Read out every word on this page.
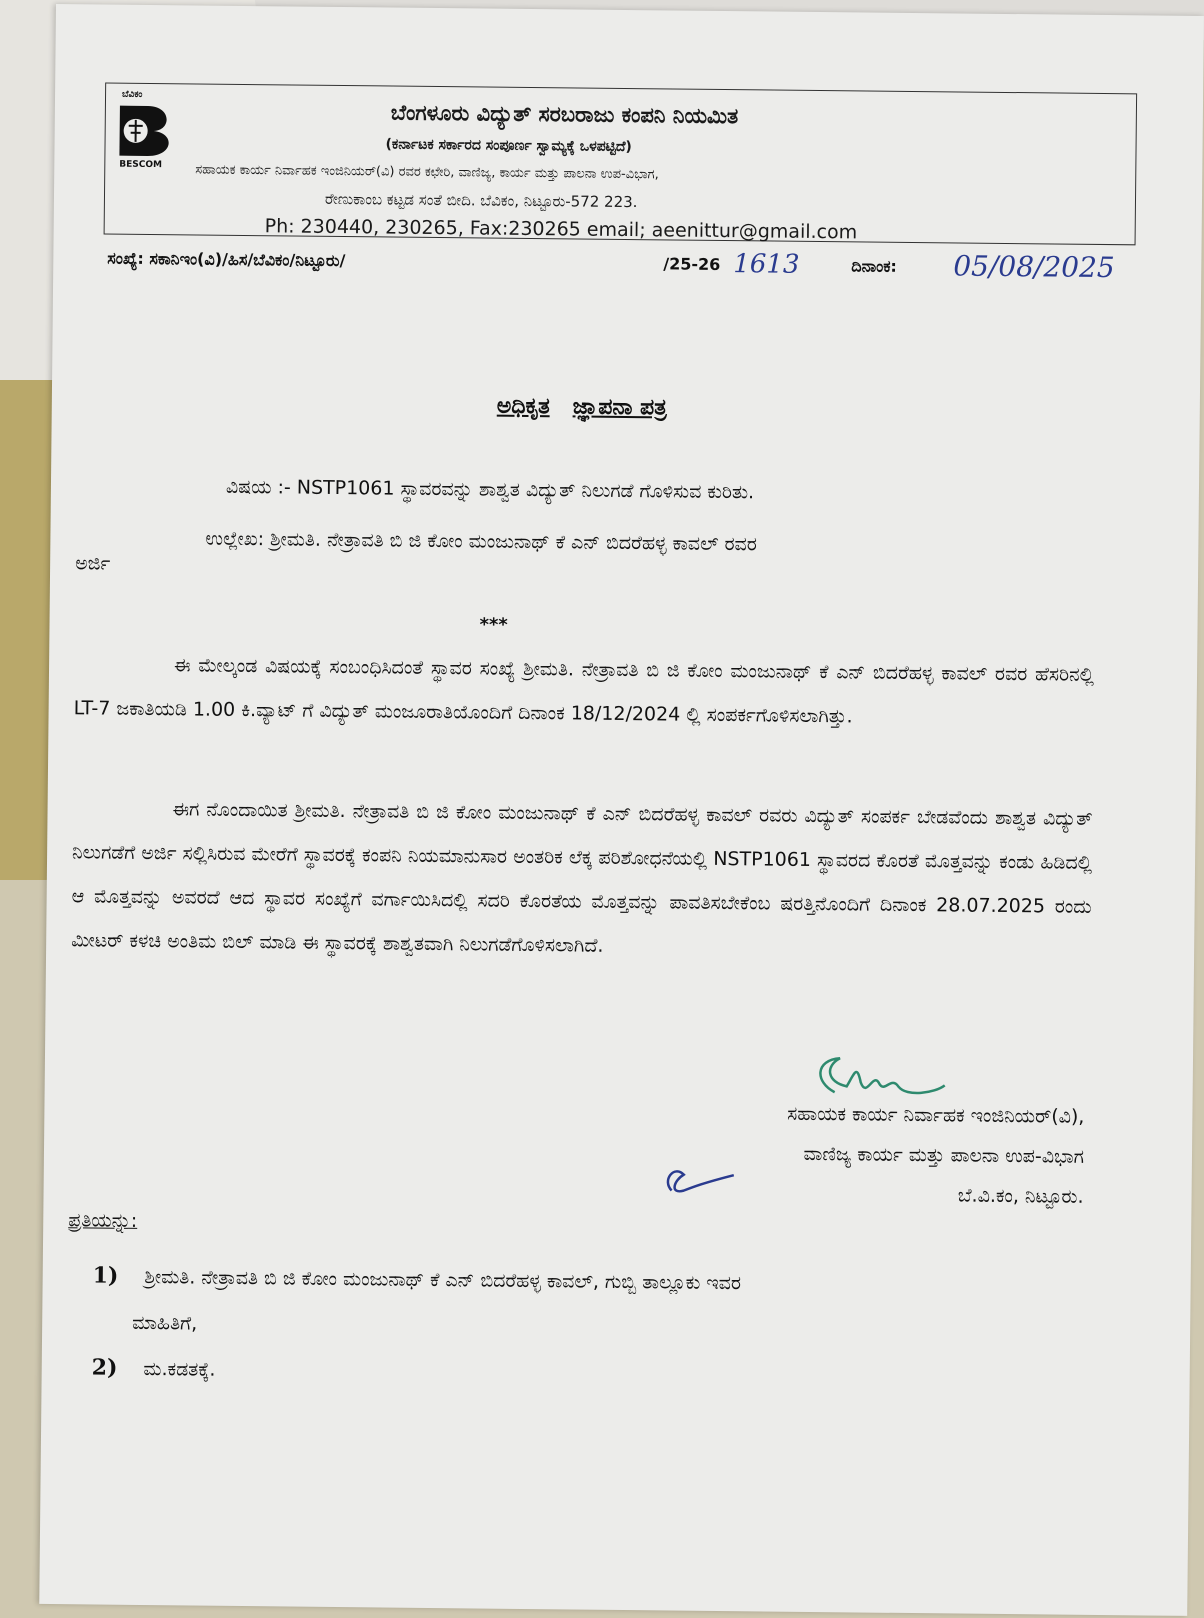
ಬೆವಿಕಂ
BESCOM
ಬೆಂಗಳೂರು ವಿದ್ಯುತ್ ಸರಬರಾಜು ಕಂಪನಿ ನಿಯಮಿತ
(ಕರ್ನಾಟಕ ಸರ್ಕಾರದ ಸಂಪೂರ್ಣ ಸ್ವಾಮ್ಯಕ್ಕೆ ಒಳಪಟ್ಟಿದೆ)
ಸಹಾಯಕ ಕಾರ್ಯ ನಿರ್ವಾಹಕ ಇಂಜಿನಿಯರ್(ವಿ) ರವರ ಕಛೇರಿ, ವಾಣಿಜ್ಯ, ಕಾರ್ಯ ಮತ್ತು ಪಾಲನಾ ಉಪ-ವಿಭಾಗ,
ರೇಣುಕಾಂಬ ಕಟ್ಟಡ ಸಂತೆ ಬೀದಿ. ಬೆವಿಕಂ, ನಿಟ್ಟೂರು-572 223.
Ph: 230440, 230265, Fax:230265 email; aeenittur@gmail.com
ಸಂಖ್ಯೆ: ಸಕಾನಿಇಂ(ವಿ)/ಹಿಸ/ಬೆವಿಕಂ/ನಿಟ್ಟೂರು/	/25-26 1613	ದಿನಾಂಕ: 05/08/2025
ಅಧಿಕೃತ ಜ್ಞಾಪನಾ ಪತ್ರ
ವಿಷಯ :- NSTP1061 ಸ್ಥಾವರವನ್ನು ಶಾಶ್ವತ ವಿದ್ಯುತ್ ನಿಲುಗಡೆ ಗೊಳಿಸುವ ಕುರಿತು.
ಉಲ್ಲೇಖ: ಶ್ರೀಮತಿ. ನೇತ್ರಾವತಿ ಬಿ ಜಿ ಕೋಂ ಮಂಜುನಾಥ್ ಕೆ ಎನ್ ಬಿದರೆಹಳ್ಳ ಕಾವಲ್ ರವರ
ಅರ್ಜಿ
***
ಈ ಮೇಲ್ಕಂಡ ವಿಷಯಕ್ಕೆ ಸಂಬಂಧಿಸಿದಂತೆ ಸ್ಥಾವರ ಸಂಖ್ಯೆ ಶ್ರೀಮತಿ. ನೇತ್ರಾವತಿ ಬಿ ಜಿ ಕೋಂ ಮಂಜುನಾಥ್ ಕೆ ಎನ್ ಬಿದರೆಹಳ್ಳ ಕಾವಲ್ ರವರ ಹೆಸರಿನಲ್ಲಿ LT-7 ಜಕಾತಿಯಡಿ 1.00 ಕಿ.ವ್ಯಾಟ್ ಗೆ ವಿದ್ಯುತ್ ಮಂಜೂರಾತಿಯೊಂದಿಗೆ ದಿನಾಂಕ 18/12/2024 ಲ್ಲಿ ಸಂಪರ್ಕಗೊಳಿಸಲಾಗಿತ್ತು.
ಈಗ ನೊಂದಾಯಿತ ಶ್ರೀಮತಿ. ನೇತ್ರಾವತಿ ಬಿ ಜಿ ಕೋಂ ಮಂಜುನಾಥ್ ಕೆ ಎನ್ ಬಿದರೆಹಳ್ಳ ಕಾವಲ್ ರವರು ವಿದ್ಯುತ್ ಸಂಪರ್ಕ ಬೇಡವೆಂದು ಶಾಶ್ವತ ವಿದ್ಯುತ್ ನಿಲುಗಡೆಗೆ ಅರ್ಜಿ ಸಲ್ಲಿಸಿರುವ ಮೇರೆಗೆ ಸ್ಥಾವರಕ್ಕೆ ಕಂಪನಿ ನಿಯಮಾನುಸಾರ ಅಂತರಿಕ ಲೆಕ್ಕ ಪರಿಶೋಧನೆಯಲ್ಲಿ NSTP1061 ಸ್ಥಾವರದ ಕೊರತೆ ಮೊತ್ತವನ್ನು ಕಂಡು ಹಿಡಿದಲ್ಲಿ ಆ ಮೊತ್ತವನ್ನು ಅವರದೆ ಆದ ಸ್ಥಾವರ ಸಂಖ್ಯೆಗೆ ವರ್ಗಾಯಿಸಿದಲ್ಲಿ ಸದರಿ ಕೊರತೆಯ ಮೊತ್ತವನ್ನು ಪಾವತಿಸಬೇಕೆಂಬ ಷರತ್ತಿನೊಂದಿಗೆ ದಿನಾಂಕ 28.07.2025 ರಂದು ಮೀಟರ್ ಕಳಚಿ ಅಂತಿಮ ಬಿಲ್ ಮಾಡಿ ಈ ಸ್ಥಾವರಕ್ಕೆ ಶಾಶ್ವತವಾಗಿ ನಿಲುಗಡೆಗೊಳಿಸಲಾಗಿದೆ.
ಸಹಾಯಕ ಕಾರ್ಯ ನಿರ್ವಾಹಕ ಇಂಜಿನಿಯರ್(ವಿ),
ವಾಣಿಜ್ಯ ಕಾರ್ಯ ಮತ್ತು ಪಾಲನಾ ಉಪ-ವಿಭಾಗ
ಬೆ.ವಿ.ಕಂ, ನಿಟ್ಟೂರು.
ಪ್ರತಿಯನ್ನು:
1) ಶ್ರೀಮತಿ. ನೇತ್ರಾವತಿ ಬಿ ಜಿ ಕೋಂ ಮಂಜುನಾಥ್ ಕೆ ಎನ್ ಬಿದರೆಹಳ್ಳ ಕಾವಲ್, ಗುಬ್ಬಿ ತಾಲ್ಲೂಕು ಇವರ
ಮಾಹಿತಿಗೆ,
2) ಮ.ಕಡತಕ್ಕೆ.
